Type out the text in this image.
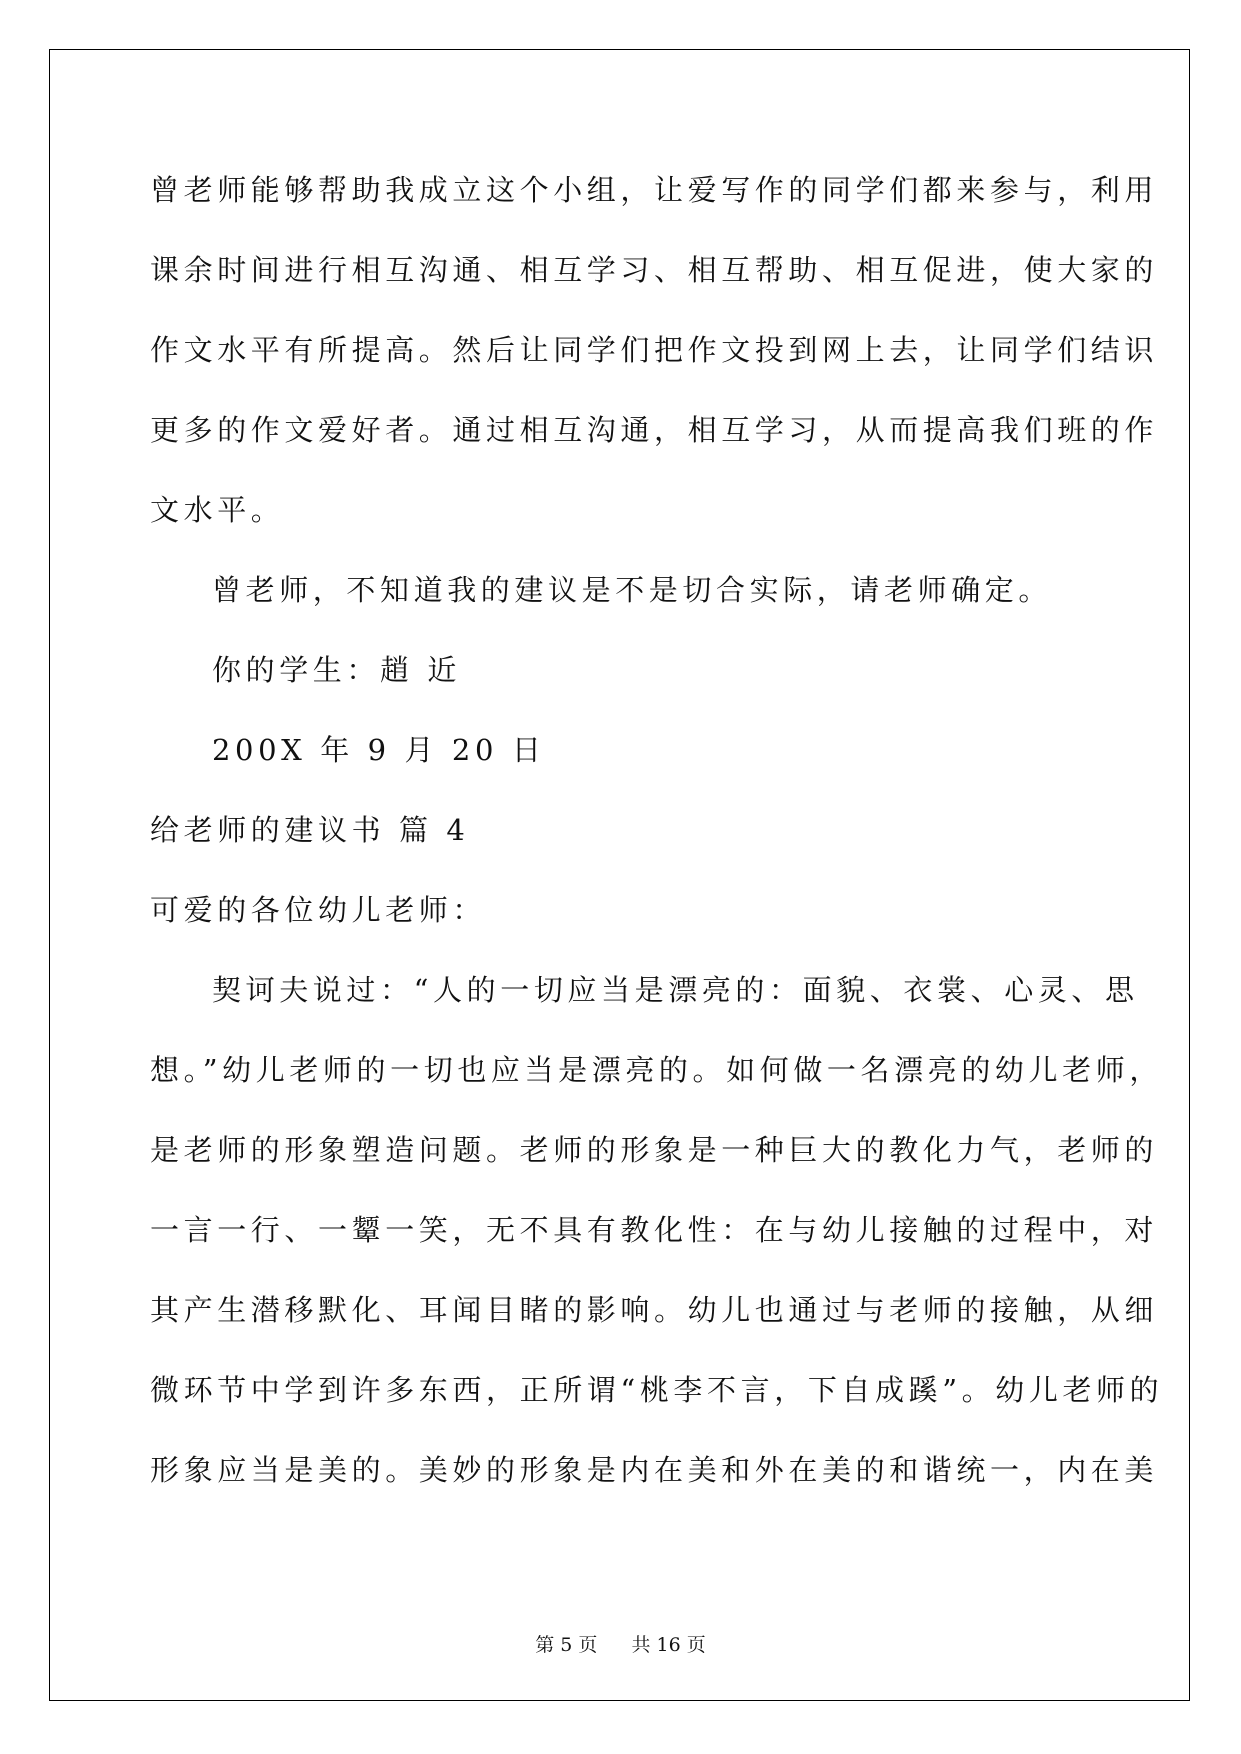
曾老师能够帮助我成立这个小组，让爱写作的同学们都来参与，利用
课余时间进行相互沟通、相互学习、相互帮助、相互促进，使大家的
作文水平有所提高。然后让同学们把作文投到网上去，让同学们结识
更多的作文爱好者。通过相互沟通，相互学习，从而提高我们班的作
文水平。
曾老师，不知道我的建议是不是切合实际，请老师确定。
你的学生：趙 近
200X 年 9 月 20 日
给老师的建议书 篇 4
可爱的各位幼儿老师：
契诃夫说过：“人的一切应当是漂亮的：面貌、衣裳、心灵、思
想。”幼儿老师的一切也应当是漂亮的。如何做一名漂亮的幼儿老师，
是老师的形象塑造问题。老师的形象是一种巨大的教化力气，老师的
一言一行、一颦一笑，无不具有教化性：在与幼儿接触的过程中，对
其产生潜移默化、耳闻目睹的影响。幼儿也通过与老师的接触，从细
微环节中学到许多东西，正所谓“桃李不言，下自成蹊”。幼儿老师的
形象应当是美的。美妙的形象是内在美和外在美的和谐统一，内在美
第 5 页 共 16 页
